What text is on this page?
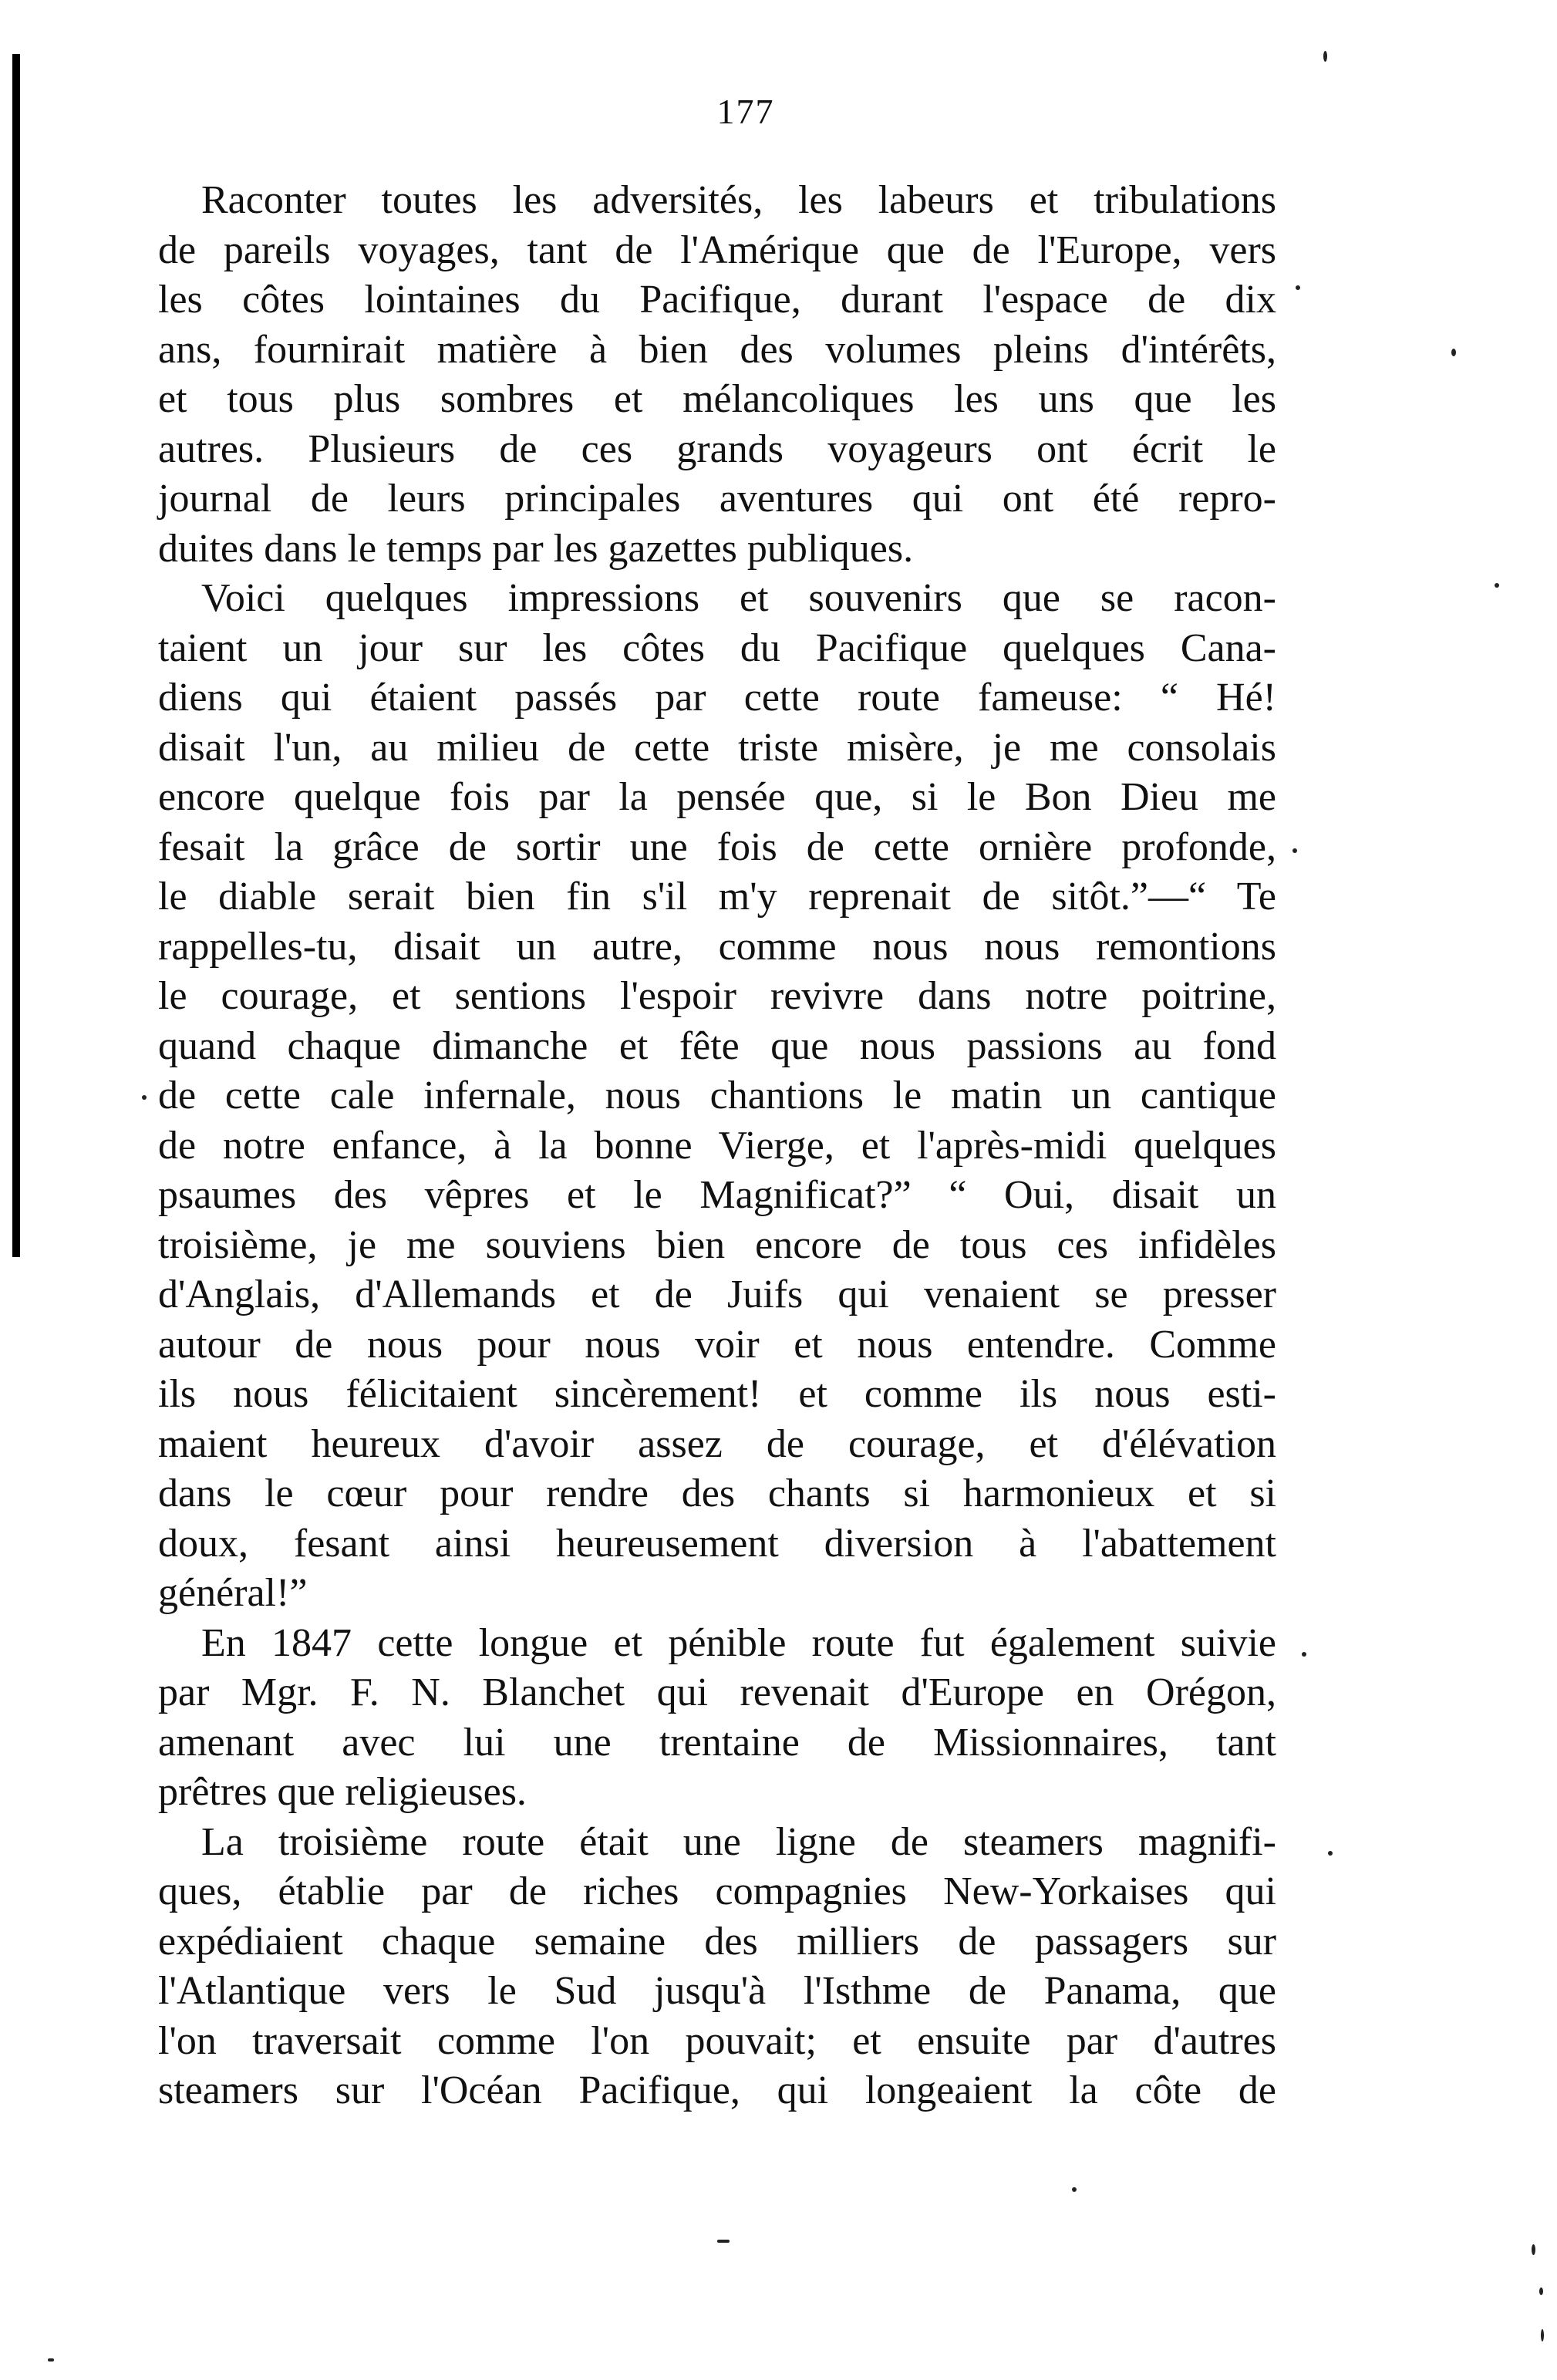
177
Raconter toutes les adversités, les labeurs et tribulations
de pareils voyages, tant de l'Amérique que de l'Europe, vers
les côtes lointaines du Pacifique, durant l'espace de dix
ans, fournirait matière à bien des volumes pleins d'intérêts,
et tous plus sombres et mélancoliques les uns que les
autres. Plusieurs de ces grands voyageurs ont écrit le
journal de leurs principales aventures qui ont été repro-
duites dans le temps par les gazettes publiques.
Voici quelques impressions et souvenirs que se racon-
taient un jour sur les côtes du Pacifique quelques Cana-
diens qui étaient passés par cette route fameuse: “ Hé!
disait l'un, au milieu de cette triste misère, je me consolais
encore quelque fois par la pensée que, si le Bon Dieu me
fesait la grâce de sortir une fois de cette ornière profonde,
le diable serait bien fin s'il m'y reprenait de sitôt.”—“ Te
rappelles-tu, disait un autre, comme nous nous remontions
le courage, et sentions l'espoir revivre dans notre poitrine,
quand chaque dimanche et fête que nous passions au fond
de cette cale infernale, nous chantions le matin un cantique
de notre enfance, à la bonne Vierge, et l'après-midi quelques
psaumes des vêpres et le Magnificat?” “ Oui, disait un
troisième, je me souviens bien encore de tous ces infidèles
d'Anglais, d'Allemands et de Juifs qui venaient se presser
autour de nous pour nous voir et nous entendre. Comme
ils nous félicitaient sincèrement! et comme ils nous esti-
maient heureux d'avoir assez de courage, et d'élévation
dans le cœur pour rendre des chants si harmonieux et si
doux, fesant ainsi heureusement diversion à l'abattement
général!”
En 1847 cette longue et pénible route fut également suivie
par Mgr. F. N. Blanchet qui revenait d'Europe en Orégon,
amenant avec lui une trentaine de Missionnaires, tant
prêtres que religieuses.
La troisième route était une ligne de steamers magnifi-
ques, établie par de riches compagnies New-Yorkaises qui
expédiaient chaque semaine des milliers de passagers sur
l'Atlantique vers le Sud jusqu'à l'Isthme de Panama, que
l'on traversait comme l'on pouvait; et ensuite par d'autres
steamers sur l'Océan Pacifique, qui longeaient la côte de
